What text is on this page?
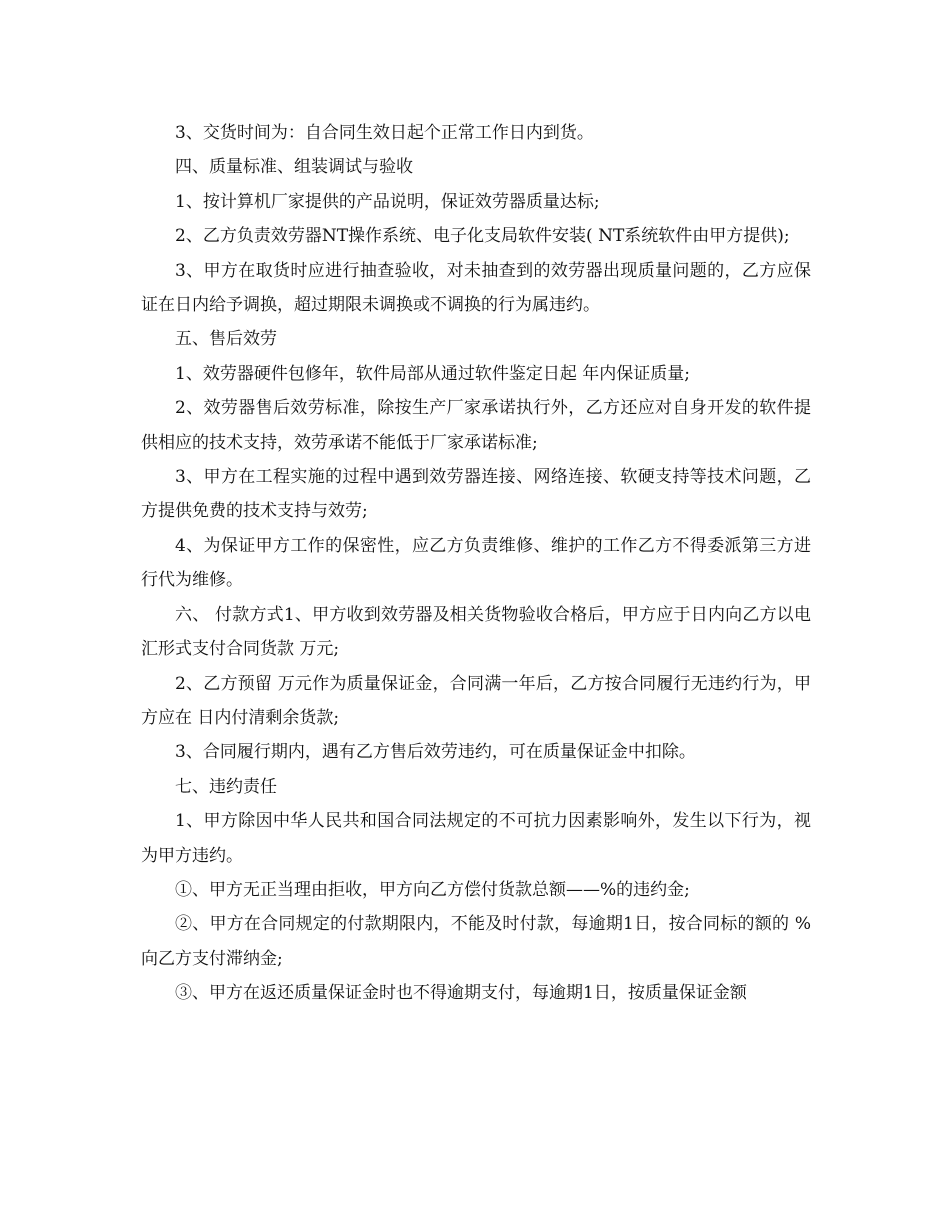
3、交货时间为：自合同生效日起个正常工作日内到货。

四、质量标准、组装调试与验收

1、按计算机厂家提供的产品说明，保证效劳器质量达标;

2、乙方负责效劳器NT操作系统、电子化支局软件安装( NT系统软件由甲方提供);

3、甲方在取货时应进行抽查验收，对未抽查到的效劳器出现质量问题的，乙方应保证在日内给予调换，超过期限未调换或不调换的行为属违约。

五、售后效劳

1、效劳器硬件包修年，软件局部从通过软件鉴定日起 年内保证质量;

2、效劳器售后效劳标准，除按生产厂家承诺执行外，乙方还应对自身开发的软件提供相应的技术支持，效劳承诺不能低于厂家承诺标准;

3、甲方在工程实施的过程中遇到效劳器连接、网络连接、软硬支持等技术问题，乙方提供免费的技术支持与效劳;

4、为保证甲方工作的保密性，应乙方负责维修、维护的工作乙方不得委派第三方进行代为维修。

六、 付款方式1、甲方收到效劳器及相关货物验收合格后，甲方应于日内向乙方以电汇形式支付合同货款 万元;

2、乙方预留 万元作为质量保证金，合同满一年后，乙方按合同履行无违约行为，甲方应在 日内付清剩余货款;

3、合同履行期内，遇有乙方售后效劳违约，可在质量保证金中扣除。

七、违约责任

1、甲方除因中华人民共和国合同法规定的不可抗力因素影响外，发生以下行为，视为甲方违约。

①、甲方无正当理由拒收，甲方向乙方偿付货款总额——%的违约金;

②、甲方在合同规定的付款期限内，不能及时付款，每逾期1日，按合同标的额的 %向乙方支付滞纳金;

③、甲方在返还质量保证金时也不得逾期支付，每逾期1日，按质量保证金额
